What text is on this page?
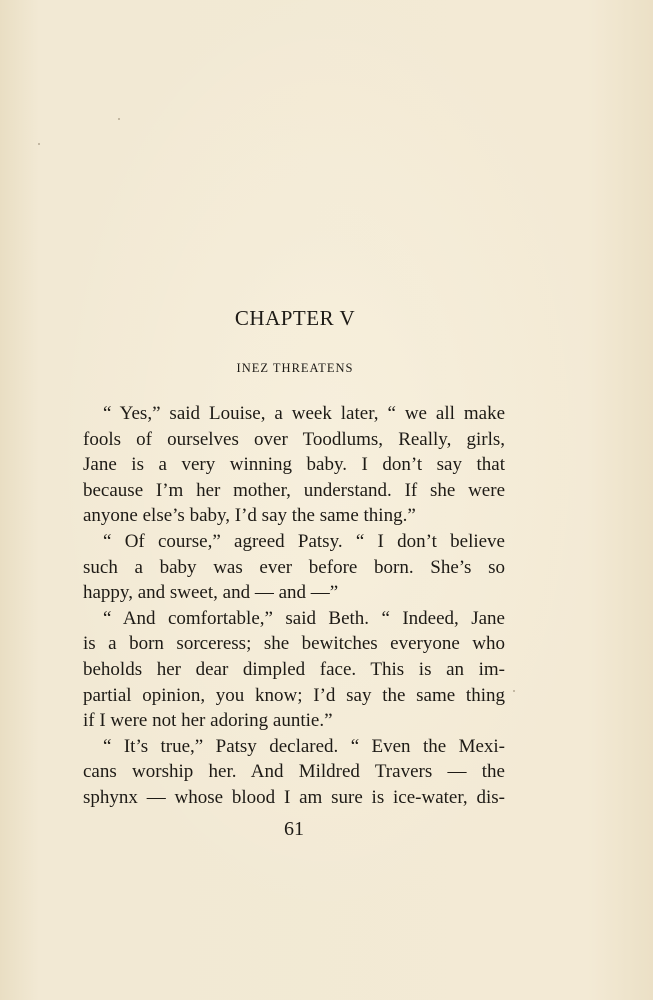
CHAPTER V
INEZ THREATENS
“ Yes,” said Louise, a week later, “ we all make
fools of ourselves over Toodlums, Really, girls,
Jane is a very winning baby. I don’t say that
because I’m her mother, understand. If she were
anyone else’s baby, I’d say the same thing.”
“ Of course,” agreed Patsy. “ I don’t believe
such a baby was ever before born. She’s so
happy, and sweet, and — and —”
“ And comfortable,” said Beth. “ Indeed, Jane
is a born sorceress; she bewitches everyone who
beholds her dear dimpled face. This is an im-
partial opinion, you know; I’d say the same thing
if I were not her adoring auntie.”
“ It’s true,” Patsy declared. “ Even the Mexi-
cans worship her. And Mildred Travers — the
sphynx — whose blood I am sure is ice-water, dis-
61
